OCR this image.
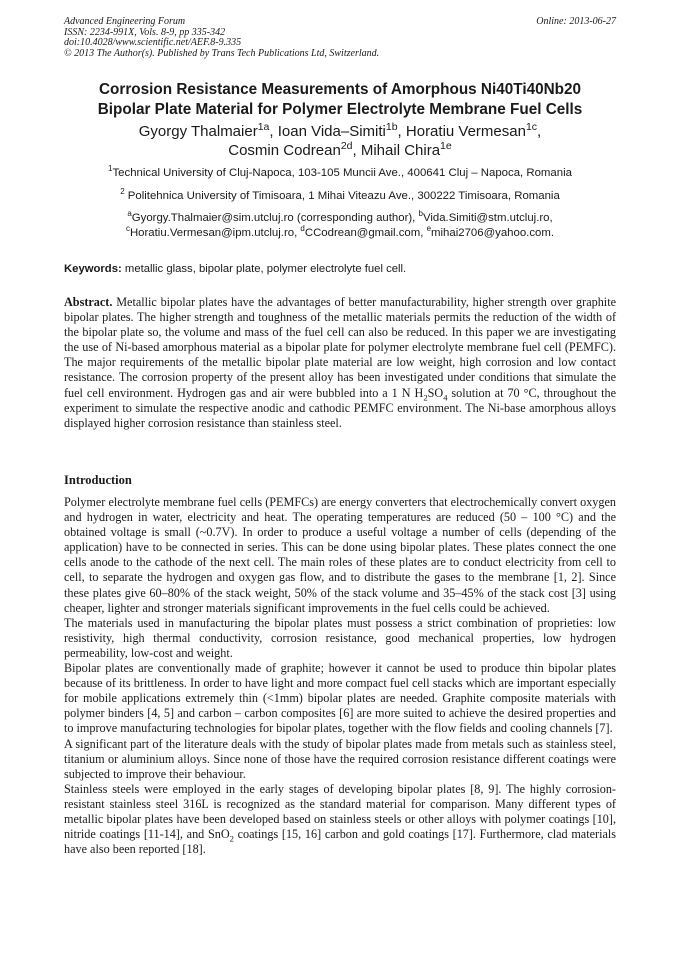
Advanced Engineering Forum
ISSN: 2234-991X, Vols. 8-9, pp 335-342
doi:10.4028/www.scientific.net/AEF.8-9.335
© 2013 The Author(s). Published by Trans Tech Publications Ltd, Switzerland.
Online: 2013-06-27
Corrosion Resistance Measurements of Amorphous Ni40Ti40Nb20
Bipolar Plate Material for Polymer Electrolyte Membrane Fuel Cells
Gyorgy Thalmaier$^{1a}$, Ioan Vida–Simiti$^{1b}$, Horatiu Vermesan$^{1c}$,
Cosmin Codrean$^{2d}$, Mihail Chira$^{1e}$
$^1$Technical University of Cluj-Napoca, 103-105 Muncii Ave., 400641 Cluj – Napoca, Romania
$^2$ Politehnica University of Timisoara, 1 Mihai Viteazu Ave., 300222 Timisoara, Romania
$^a$Gyorgy.Thalmaier@sim.utcluj.ro (corresponding author), $^b$Vida.Simiti@stm.utcluj.ro,
$^c$Horatiu.Vermesan@ipm.utcluj.ro, $^d$CCodrean@gmail.com, $^e$mihai2706@yahoo.com.
Keywords: metallic glass, bipolar plate, polymer electrolyte fuel cell.

Abstract. Metallic bipolar plates have the advantages of better manufacturability, higher strength over graphite bipolar plates. The higher strength and toughness of the metallic materials permits the reduction of the width of the bipolar plate so, the volume and mass of the fuel cell can also be reduced. In this paper we are investigating the use of Ni-based amorphous material as a bipolar plate for polymer electrolyte membrane fuel cell (PEMFC). The major requirements of the metallic bipolar plate material are low weight, high corrosion and low contact resistance. The corrosion property of the present alloy has been investigated under conditions that simulate the fuel cell environment. Hydrogen gas and air were bubbled into a 1 N $H_2SO_4$ solution at 70 °C, throughout the experiment to simulate the respective anodic and cathodic PEMFC environment. The Ni-base amorphous alloys displayed higher corrosion resistance than stainless steel.

Introduction

Polymer electrolyte membrane fuel cells (PEMFCs) are energy converters that electrochemically convert oxygen and hydrogen in water, electricity and heat. The operating temperatures are reduced (50 – 100 °C) and the obtained voltage is small (~0.7V). In order to produce a useful voltage a number of cells (depending of the application) have to be connected in series. This can be done using bipolar plates. These plates connect the one cells anode to the cathode of the next cell. The main roles of these plates are to conduct electricity from cell to cell, to separate the hydrogen and oxygen gas flow, and to distribute the gases to the membrane [1, 2]. Since these plates give 60–80% of the stack weight, 50% of the stack volume and 35–45% of the stack cost [3] using cheaper, lighter and stronger materials significant improvements in the fuel cells could be achieved.

The materials used in manufacturing the bipolar plates must possess a strict combination of proprieties: low resistivity, high thermal conductivity, corrosion resistance, good mechanical properties, low hydrogen permeability, low-cost and weight.

Bipolar plates are conventionally made of graphite; however it cannot be used to produce thin bipolar plates because of its brittleness. In order to have light and more compact fuel cell stacks which are important especially for mobile applications extremely thin (<1mm) bipolar plates are needed. Graphite composite materials with polymer binders [4, 5] and carbon – carbon composites [6] are more suited to achieve the desired properties and to improve manufacturing technologies for bipolar plates, together with the flow fields and cooling channels [7].

A significant part of the literature deals with the study of bipolar plates made from metals such as stainless steel, titanium or aluminium alloys. Since none of those have the required corrosion resistance different coatings were subjected to improve their behaviour.

Stainless steels were employed in the early stages of developing bipolar plates [8, 9]. The highly corrosion-resistant stainless steel 316L is recognized as the standard material for comparison. Many different types of metallic bipolar plates have been developed based on stainless steels or other alloys with polymer coatings [10], nitride coatings [11-14], and SnO$_2$ coatings [15, 16] carbon and gold coatings [17]. Furthermore, clad materials have also been reported [18].
